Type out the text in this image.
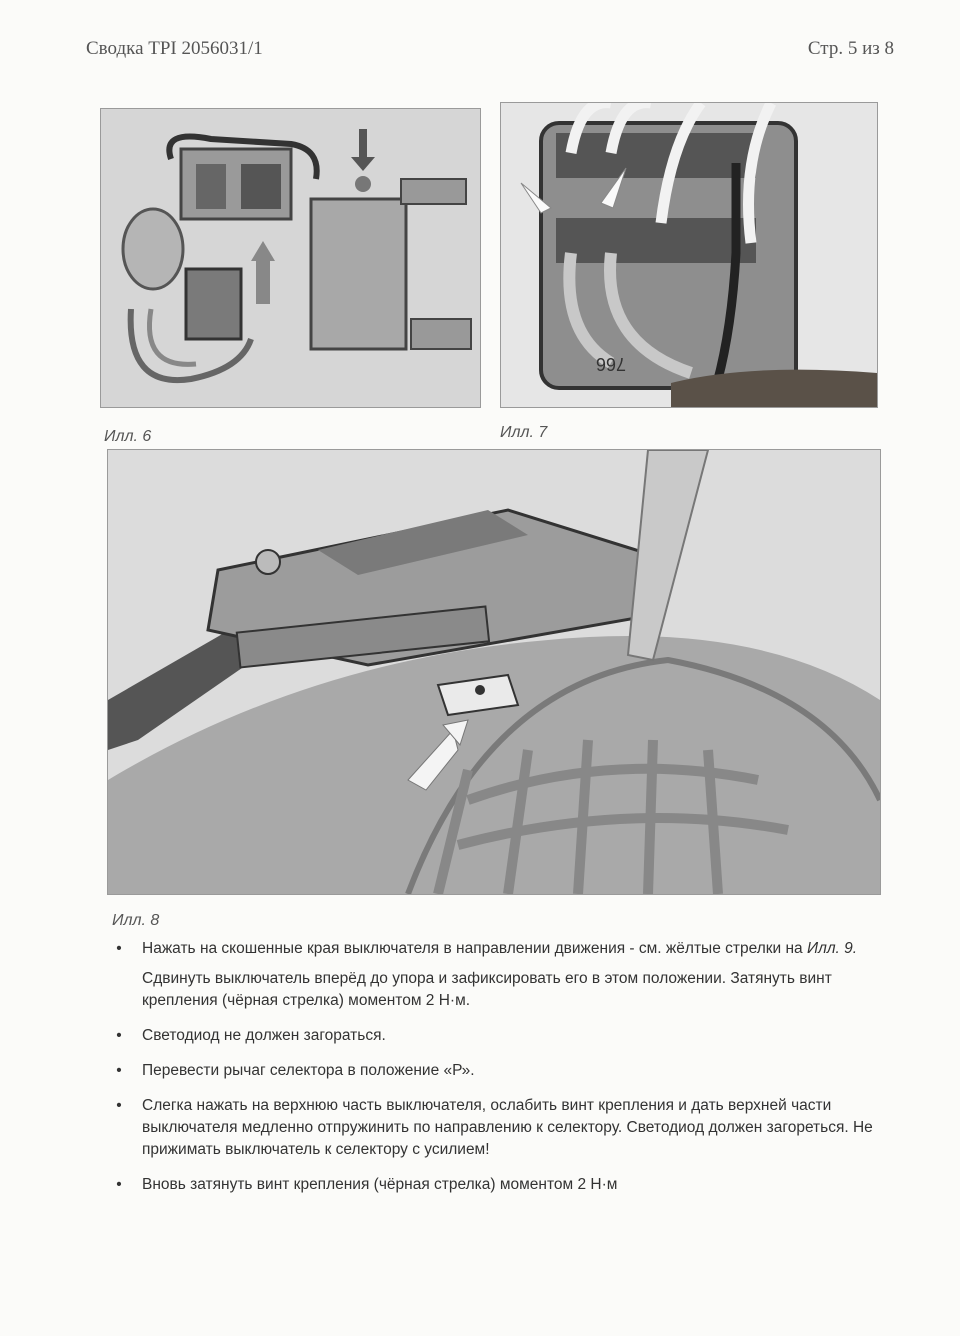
Сводка TPI 2056031/1	Стр. 5 из 8
Илл. 6
766
Илл. 7
Илл. 8
• Нажать на скошенные края выключателя в направлении движения - см. жёлтые стрелки на Илл. 9.

Сдвинуть выключатель вперёд до упора и зафиксировать его в этом положении. Затянуть винт крепления (чёрная стрелка) моментом 2 Н·м.

• Светодиод не должен загораться.

• Перевести рычаг селектора в положение «Р».

• Слегка нажать на верхнюю часть выключателя, ослабить винт крепления и дать верхней части выключателя медленно отпружинить по направлению к селектору. Светодиод должен загореться. Не прижимать выключатель к селектору с усилием!

• Вновь затянуть винт крепления (чёрная стрелка) моментом 2 Н·м
